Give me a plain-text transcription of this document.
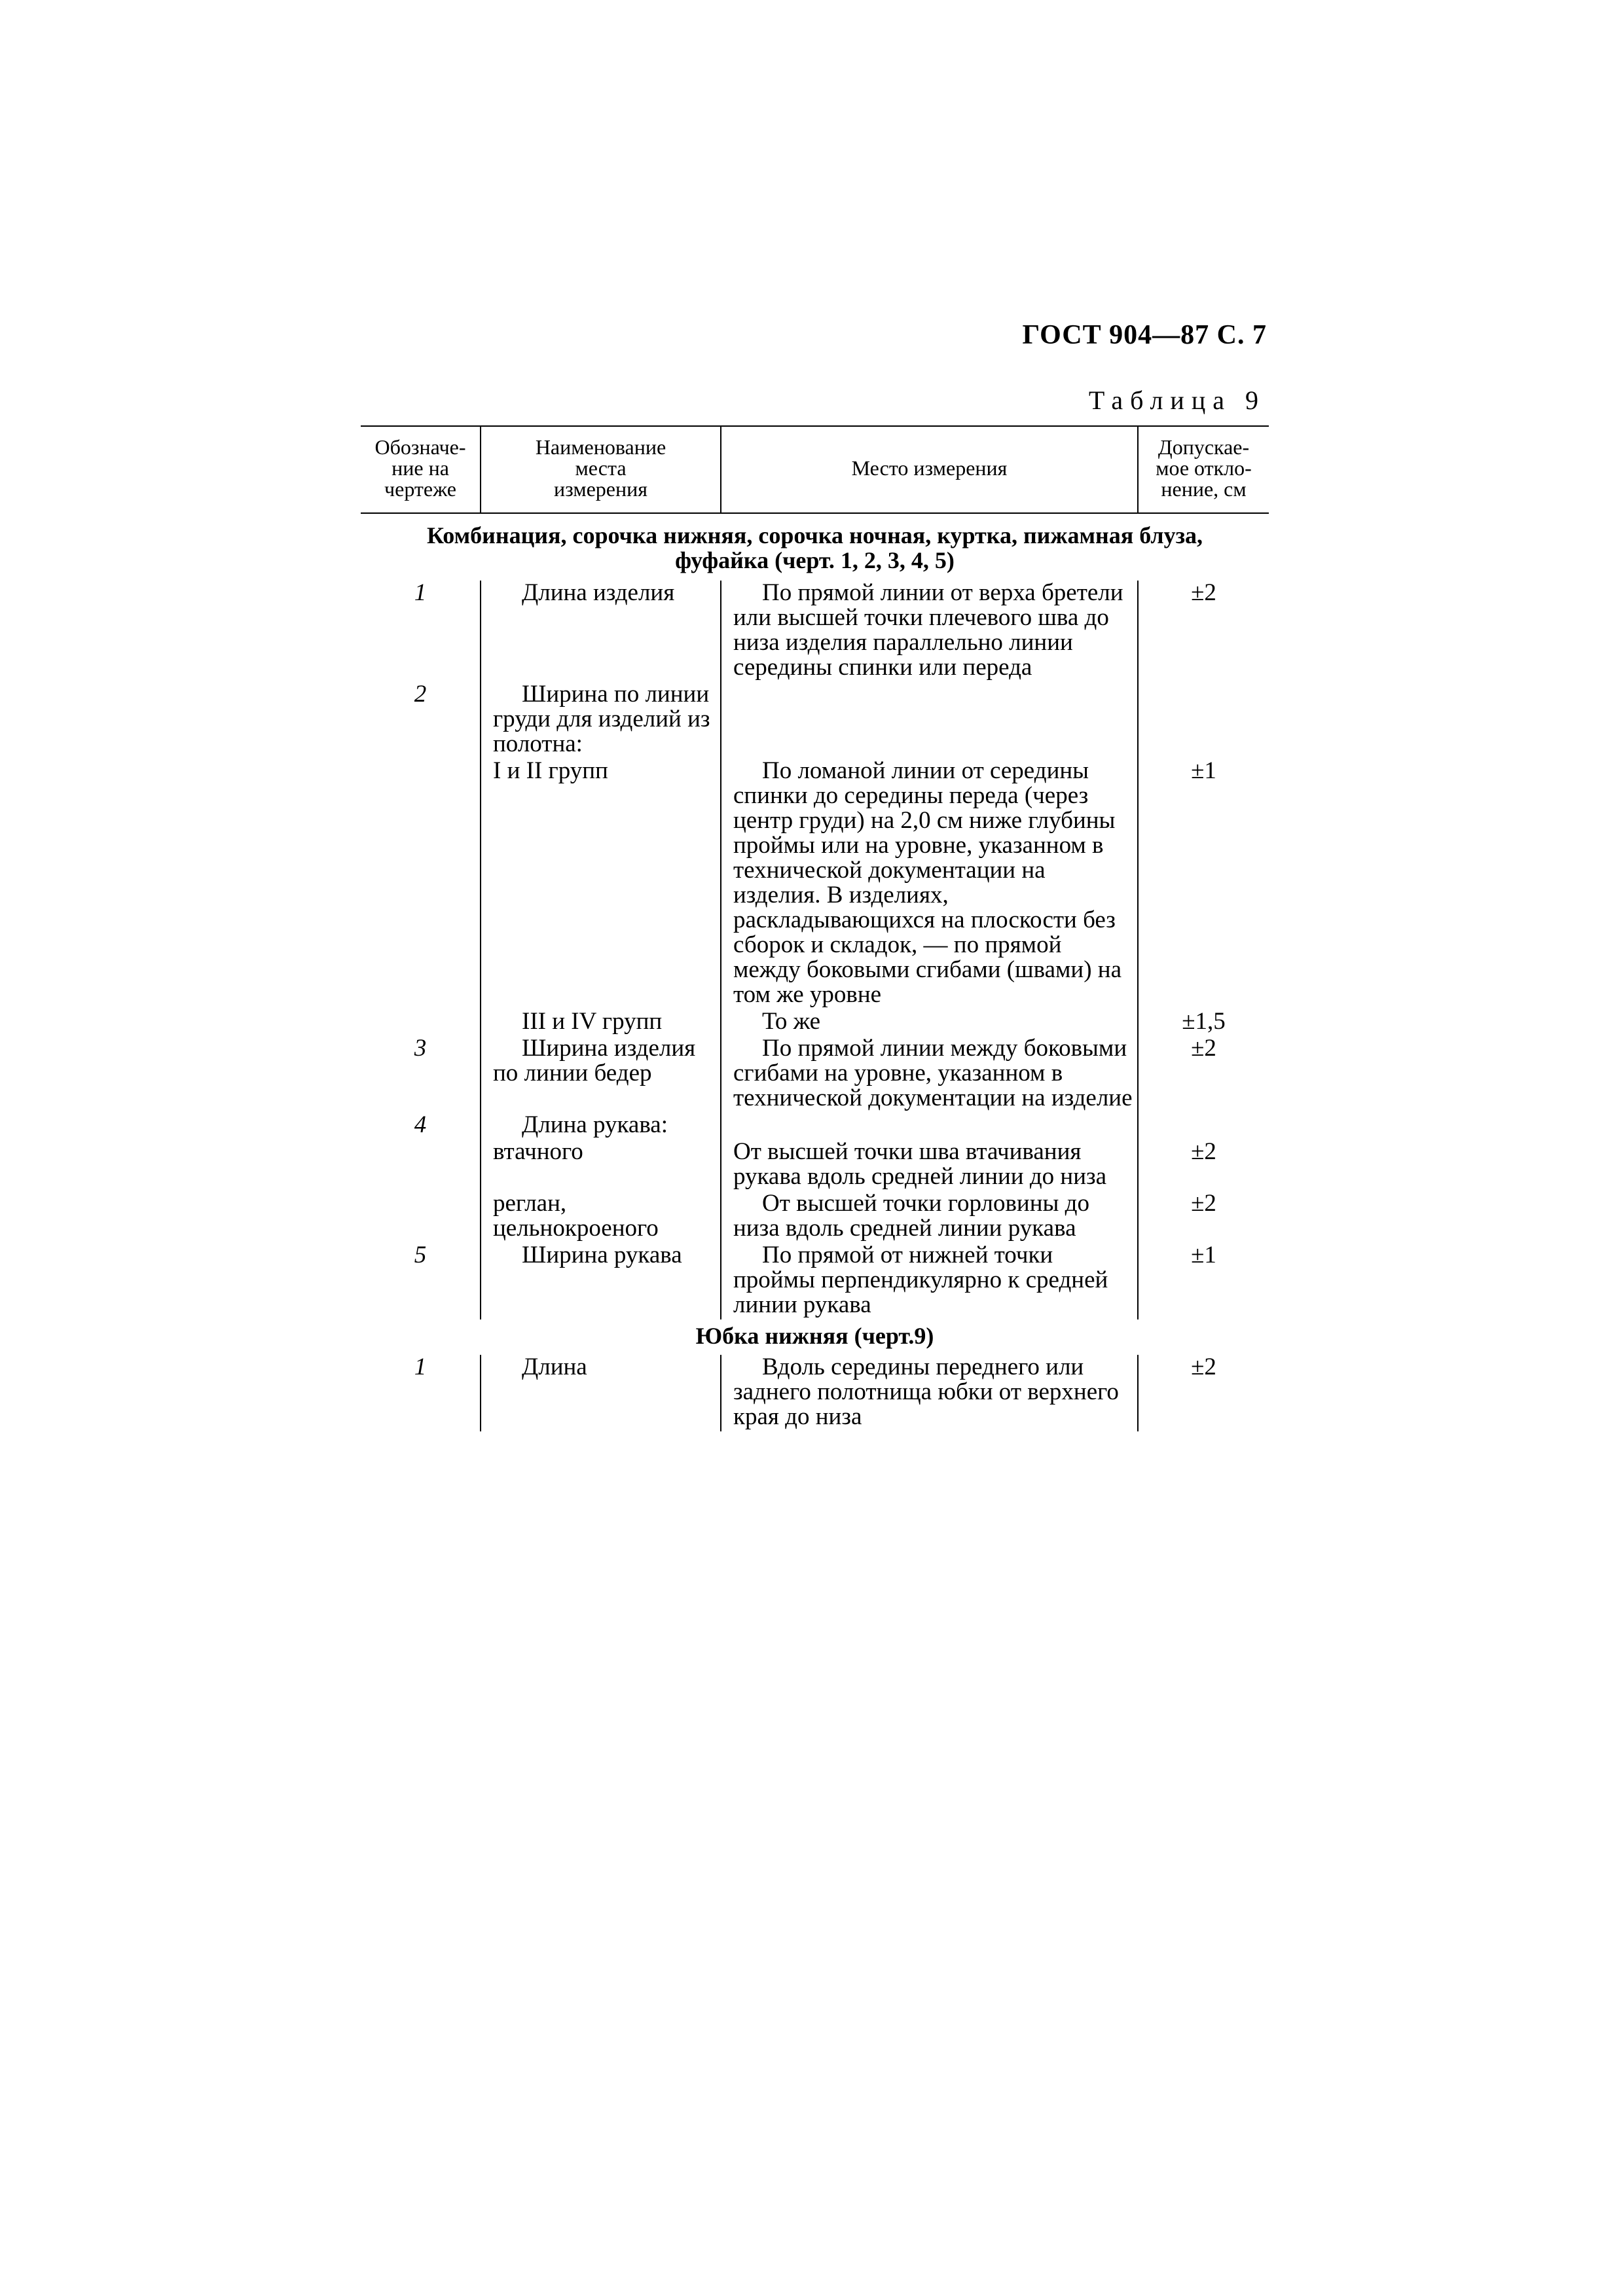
ГОСТ 904—87 С. 7
Таблица 9
Обозначе-
ние на
чертеже	Наименование
места
измерения	Место измерения	Допускае-
мое откло-
нение, см
Комбинация, сорочка нижняя, сорочка ночная, куртка, пижамная блуза, фуфайка (черт. 1, 2, 3, 4, 5)			
1	Длина изделия	По прямой линии от верха бретели или высшей точки плечевого шва до низа изделия параллельно линии середины спинки или переда	±2
2	Ширина по линии груди для изделий из полотна:		
	I и II групп	По ломаной линии от середины спинки до середины переда (через центр груди) на 2,0 см ниже глубины проймы или на уровне, указанном в технической документации на изделия. В изделиях, раскладывающихся на плоскости без сборок и складок, — по прямой между боковыми сгибами (швами) на том же уровне	±1
	III и IV групп	То же	±1,5
3	Ширина изделия по линии бедер	По прямой линии между боковыми сгибами на уровне, указанном в технической документации на изделие	±2
4	Длина рукава:		
	втачного	От высшей точки шва втачивания рукава вдоль средней линии до низа	±2
	реглан, цельнокроеного	От высшей точки горловины до низа вдоль средней линии рукава	±2
5	Ширина рукава	По прямой от нижней точки проймы перпендикулярно к средней линии рукава	±1
Юбка нижняя (черт.9)			
1	Длина	Вдоль середины переднего или заднего полотнища юбки от верхнего края до низа	±2
